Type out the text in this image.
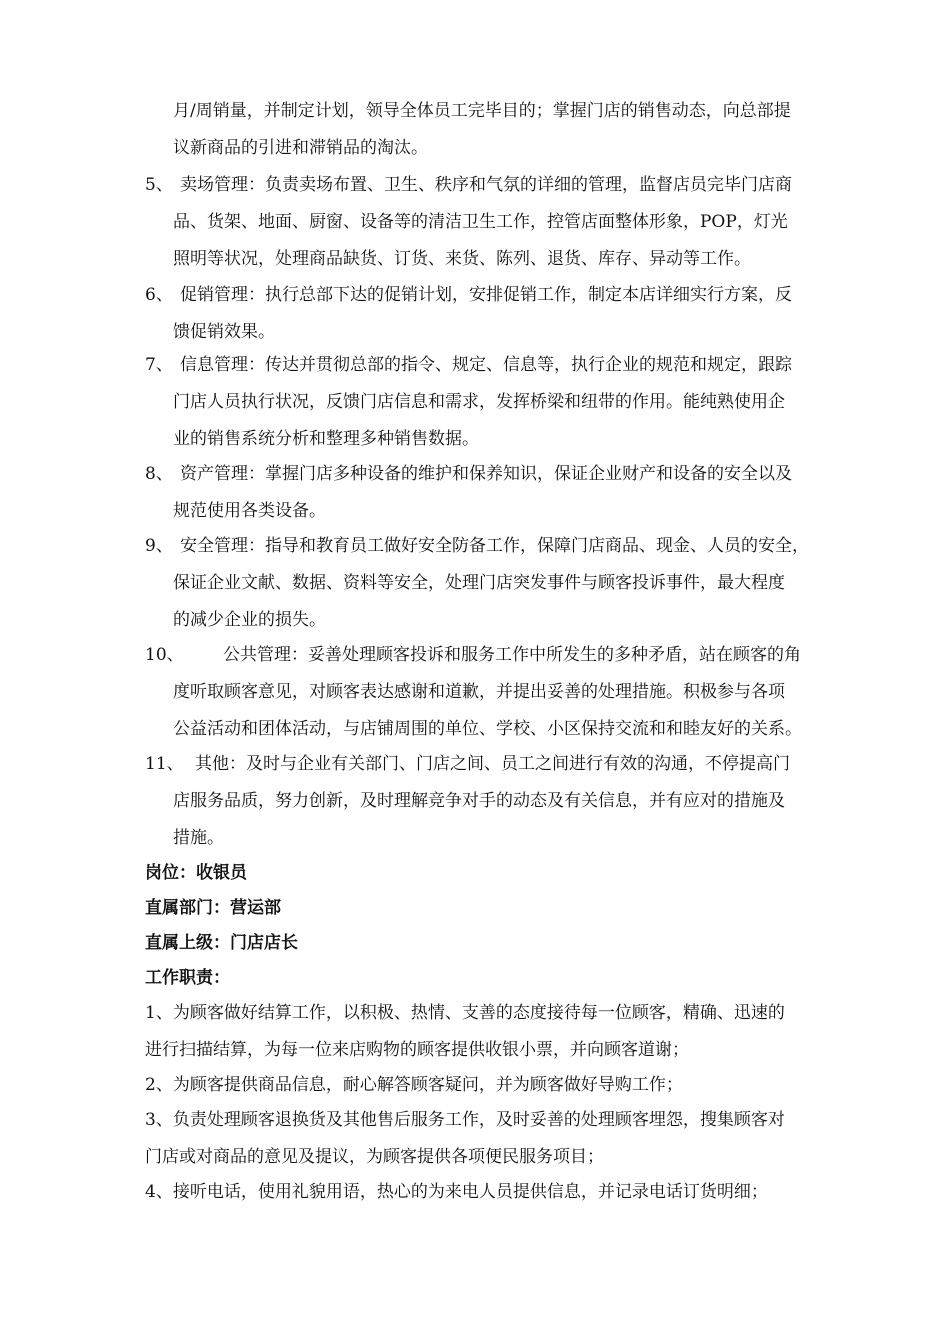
月/周销量，并制定计划，领导全体员工完毕目的；掌握门店的销售动态，向总部提
议新商品的引进和滞销品的淘汰。
5、 卖场管理：负责卖场布置、卫生、秩序和气氛的详细的管理，监督店员完毕门店商
品、货架、地面、厨窗、设备等的清洁卫生工作，控管店面整体形象，POP，灯光
照明等状况，处理商品缺货、订货、来货、陈列、退货、库存、异动等工作。
6、 促销管理：执行总部下达的促销计划，安排促销工作，制定本店详细实行方案，反
馈促销效果。
7、 信息管理：传达并贯彻总部的指令、规定、信息等，执行企业的规范和规定，跟踪
门店人员执行状况，反馈门店信息和需求，发挥桥梁和纽带的作用。能纯熟使用企
业的销售系统分析和整理多种销售数据。
8、 资产管理：掌握门店多种设备的维护和保养知识，保证企业财产和设备的安全以及
规范使用各类设备。
9、 安全管理：指导和教育员工做好安全防备工作，保障门店商品、现金、人员的安全，
保证企业文献、数据、资料等安全，处理门店突发事件与顾客投诉事件，最大程度
的减少企业的损失。
10、 公共管理：妥善处理顾客投诉和服务工作中所发生的多种矛盾，站在顾客的角
度听取顾客意见，对顾客表达感谢和道歉，并提出妥善的处理措施。积极参与各项
公益活动和团体活动，与店铺周围的单位、学校、小区保持交流和和睦友好的关系。
11、 其他：及时与企业有关部门、门店之间、员工之间进行有效的沟通，不停提高门
店服务品质，努力创新，及时理解竞争对手的动态及有关信息，并有应对的措施及
措施。
岗位：收银员
直属部门：营运部
直属上级：门店店长
工作职责：
1、为顾客做好结算工作，以积极、热情、支善的态度接待每一位顾客，精确、迅速的
进行扫描结算，为每一位来店购物的顾客提供收银小票，并向顾客道谢；
2、为顾客提供商品信息，耐心解答顾客疑问，并为顾客做好导购工作；
3、负责处理顾客退换货及其他售后服务工作，及时妥善的处理顾客埋怨，搜集顾客对
门店或对商品的意见及提议，为顾客提供各项便民服务项目；
4、接听电话，使用礼貌用语，热心的为来电人员提供信息，并记录电话订货明细；
